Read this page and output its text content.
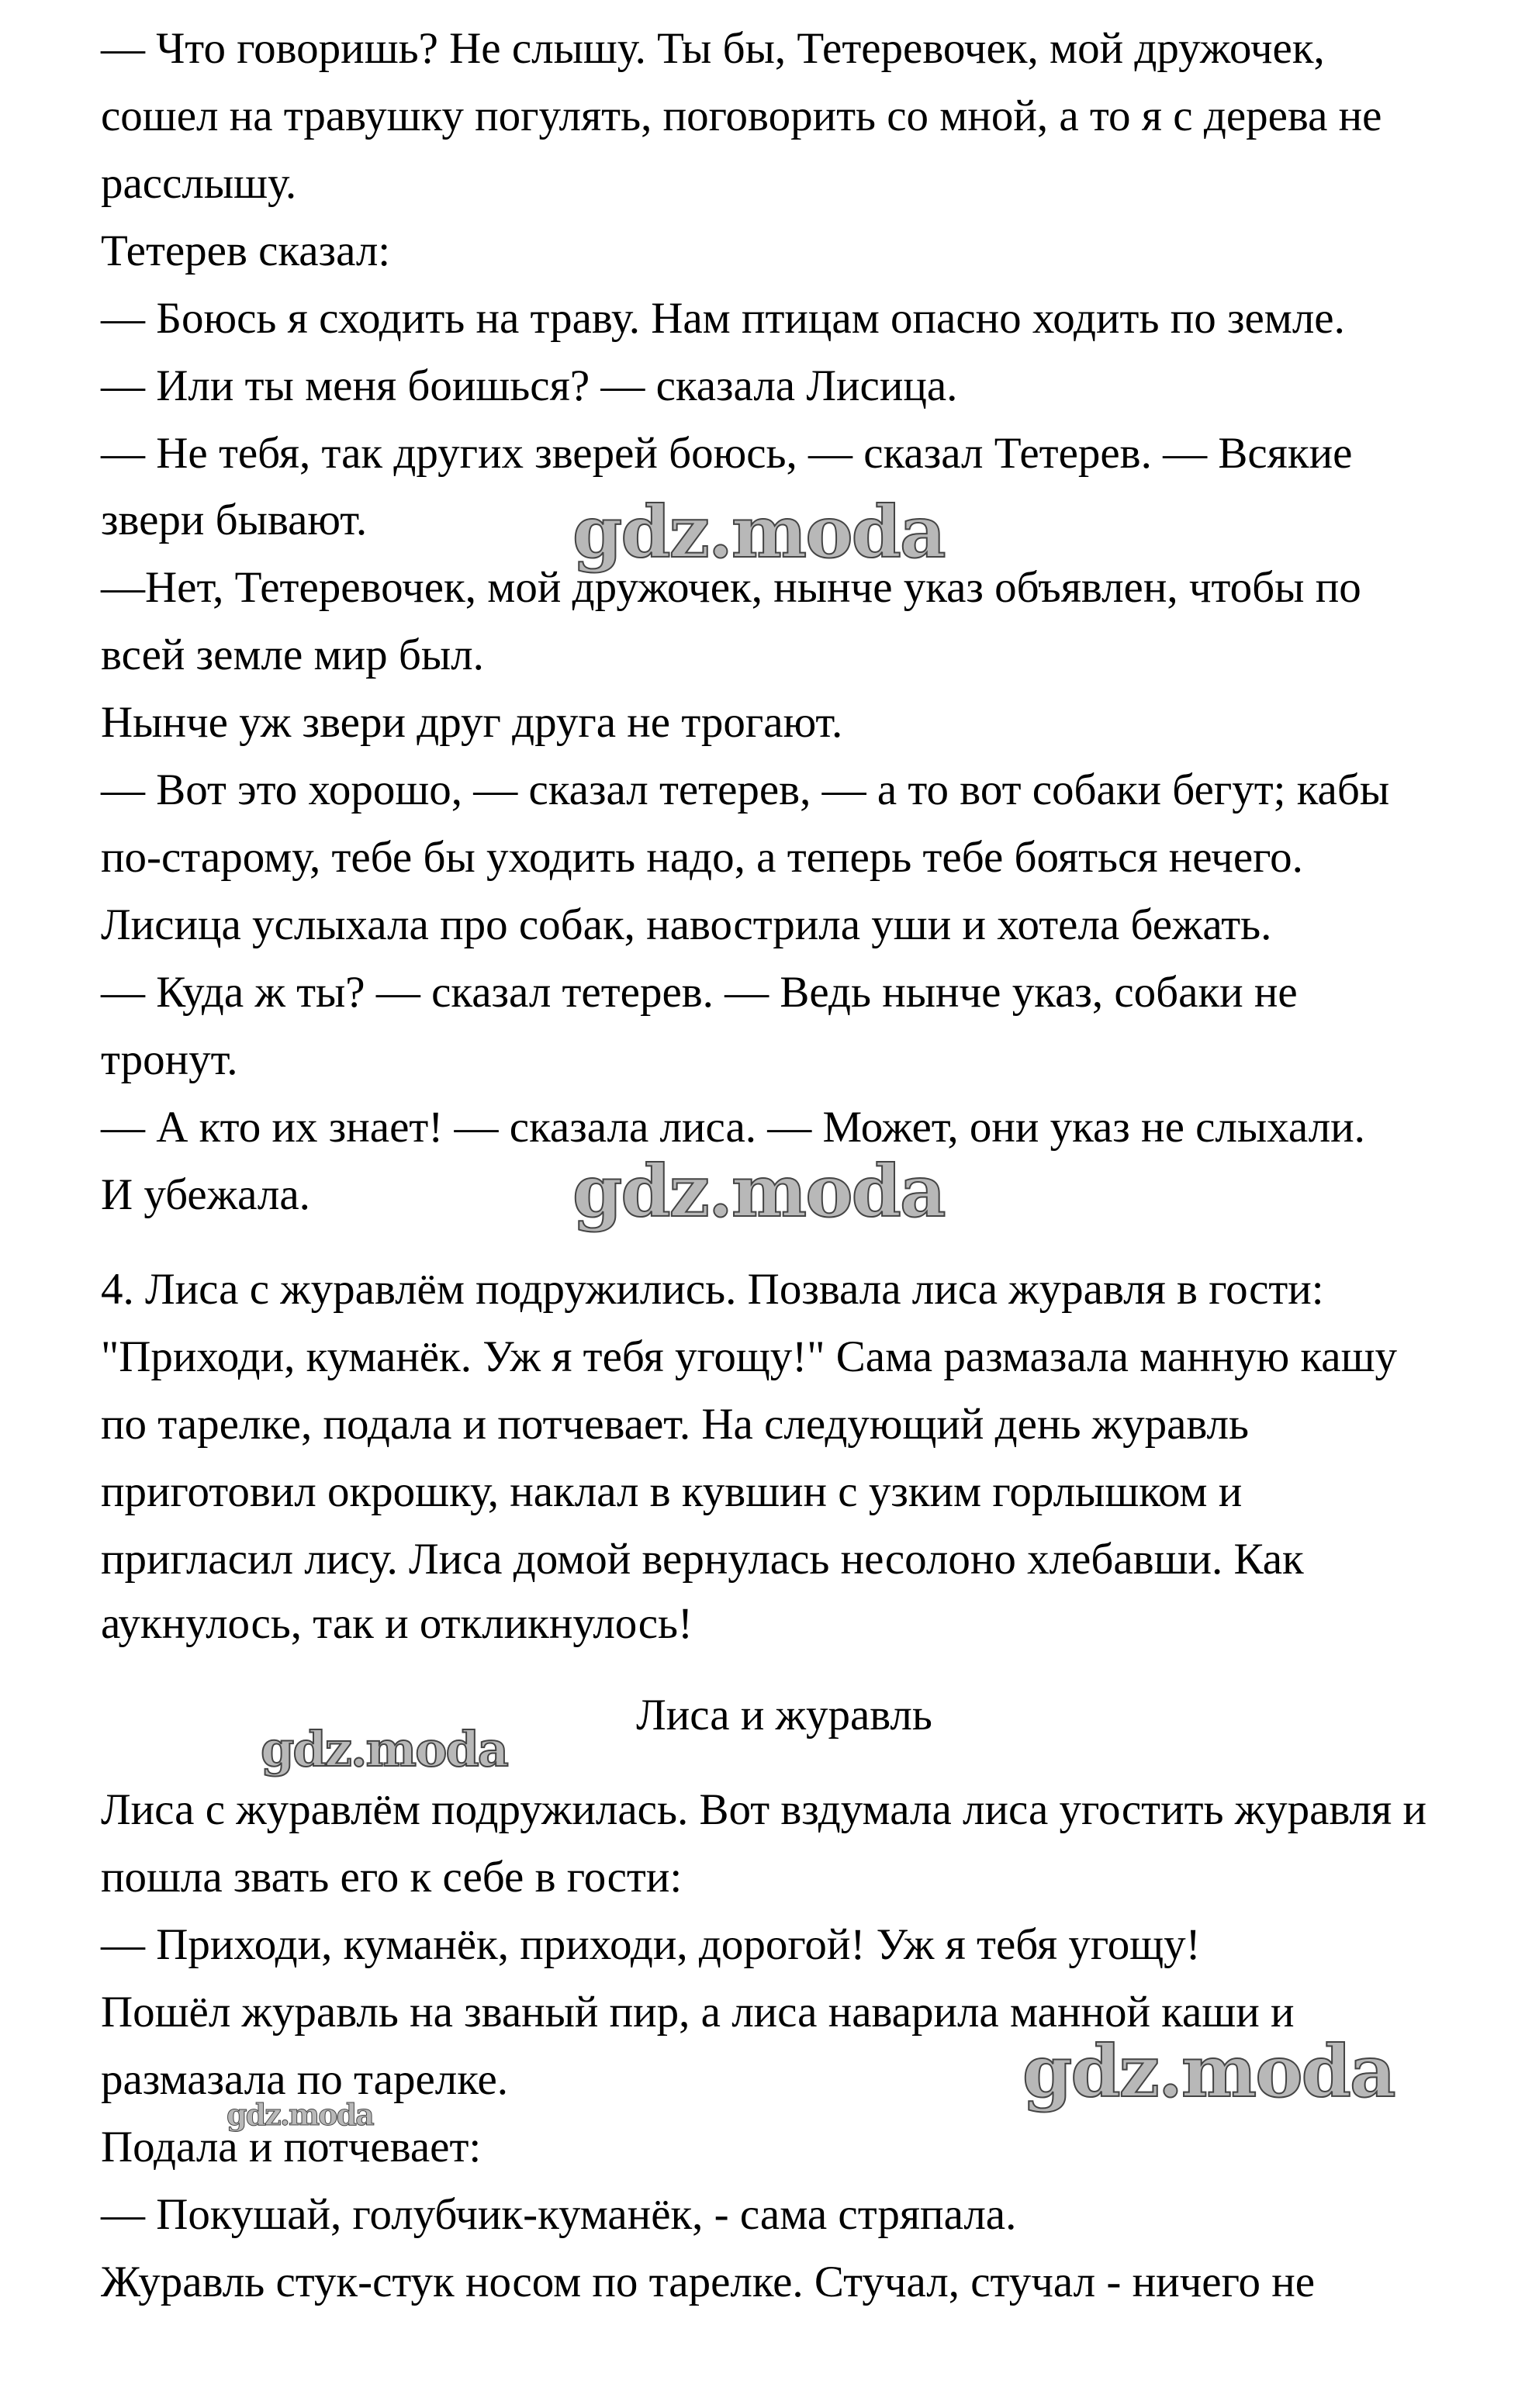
Журавль стук-стук носом по тарелке. Стучал, стучал - ничего не
— Покушай, голубчик-куманёк, - сама стряпала.
Подала и потчевает:
размазала по тарелке.
Пошёл журавль на званый пир, а лиса наварила манной каши и
— Приходи, куманёк, приходи, дорогой! Уж я тебя угощу!
пошла звать его к себе в гости:
Лиса с журавлём подружилась. Вот вздумала лиса угостить журавля и
Лиса и журавль
аукнулось, так и откликнулось!
пригласил лису. Лиса домой вернулась несолоно хлебавши. Как
приготовил окрошку, наклал в кувшин с узким горлышком и
по тарелке, подала и потчевает. На следующий день журавль
"Приходи, куманёк. Уж я тебя угощу!" Сама размазала манную кашу
4. Лиса с журавлём подружились. Позвала лиса журавля в гости:
И убежала.
— А кто их знает! — сказала лиса. — Может, они указ не слыхали.
тронут.
— Куда ж ты? — сказал тетерев. — Ведь нынче указ, собаки не
Лисица услыхала про собак, навострила уши и хотела бежать.
по-старому, тебе бы уходить надо, а теперь тебе бояться нечего.
— Вот это хорошо, — сказал тетерев, — а то вот собаки бегут; кабы
Нынче уж звери друг друга не трогают.
всей земле мир был.
—Нет, Тетеревочек, мой дружочек, нынче указ объявлен, чтобы по
звери бывают.
— Не тебя, так других зверей боюсь, — сказал Тетерев. — Всякие
— Или ты меня боишься? — сказала Лисица.
— Боюсь я сходить на траву. Нам птицам опасно ходить по земле.
Тетерев сказал:
расслышу.
сошел на травушку погулять, поговорить со мной, а то я с дерева не
— Что говоришь? Не слышу. Ты бы, Тетеревочек, мой дружочек,
gdz.moda
gdz.moda
gdz.moda
gdz.moda
gdz.moda
